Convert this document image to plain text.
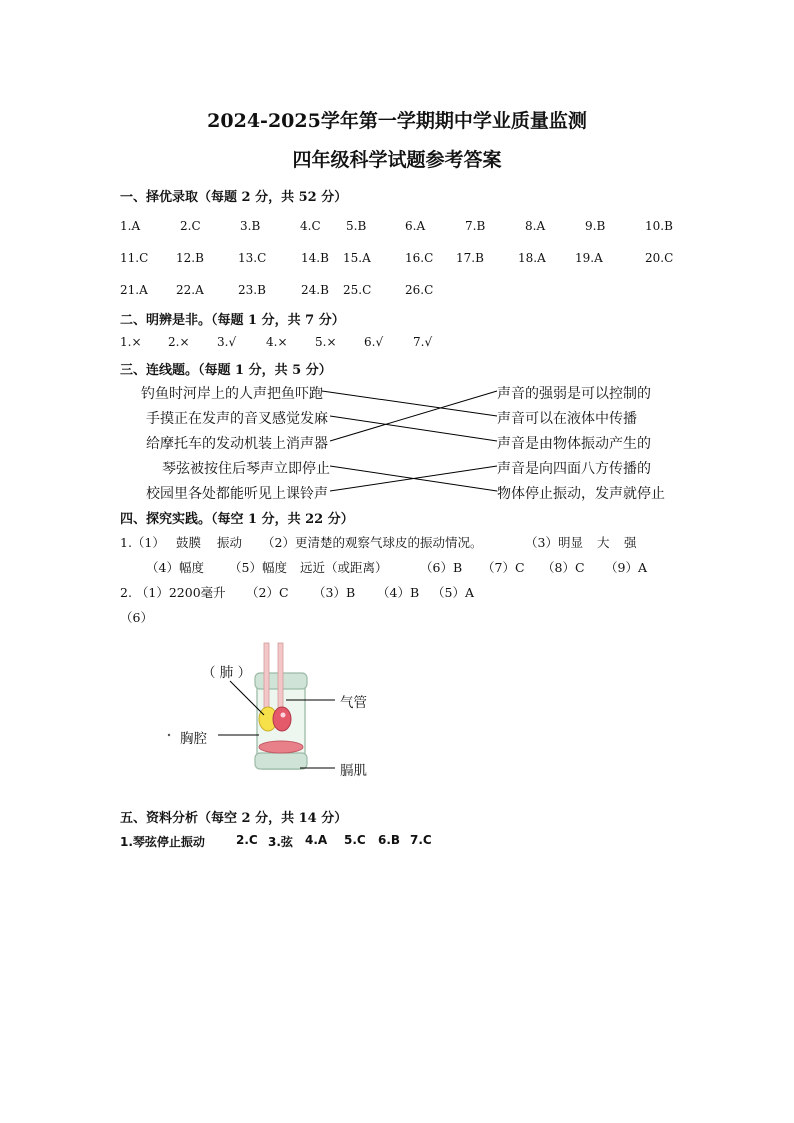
2024-2025学年第一学期期中学业质量监测
四年级科学试题参考答案
一、择优录取（每题 2 分，共 52 分）
1.A	2.C	3.B	4.C 5.B	6.A	7.B	8.A	9.B	10.B
11.C 12.B	13.C	14.B 15.A	16.C 17.B	18.A 19.A	20.C
21.A 22.A	23.B	24.B 25.C	26.C
二、明辨是非。（每题 1 分，共 7 分）
1.× 2.× 3.√ 4.× 5.× 6.√ 7.√
三、连线题。（每题 1 分，共 5 分）
钓鱼时河岸上的人声把鱼吓跑
手摸正在发声的音叉感觉发麻
给摩托车的发动机装上消声器
琴弦被按住后琴声立即停止
校园里各处都能听见上课铃声
声音的强弱是可以控制的
声音可以在液体中传播
声音是由物体振动产生的
声音是向四面八方传播的
物体停止振动，发声就停止
四、探究实践。（每空 1 分，共 22 分）
1.（1） 鼓膜 振动 （2）更清楚的观察气球皮的振动情况。	（3）明显 大 强
（4）幅度 （5）幅度 远近（或距离）	（6）B （7）C （8）C （9）A
2. （1）2200毫升 （2）C （3）B （4）B （5）A
（6）
（ 肺 ）
气管
胸腔
膈肌
五、资料分析（每空 2 分，共 14 分）
1.琴弦停止振动	2.C 3.弦 4.A 5.C 6.B 7.C
